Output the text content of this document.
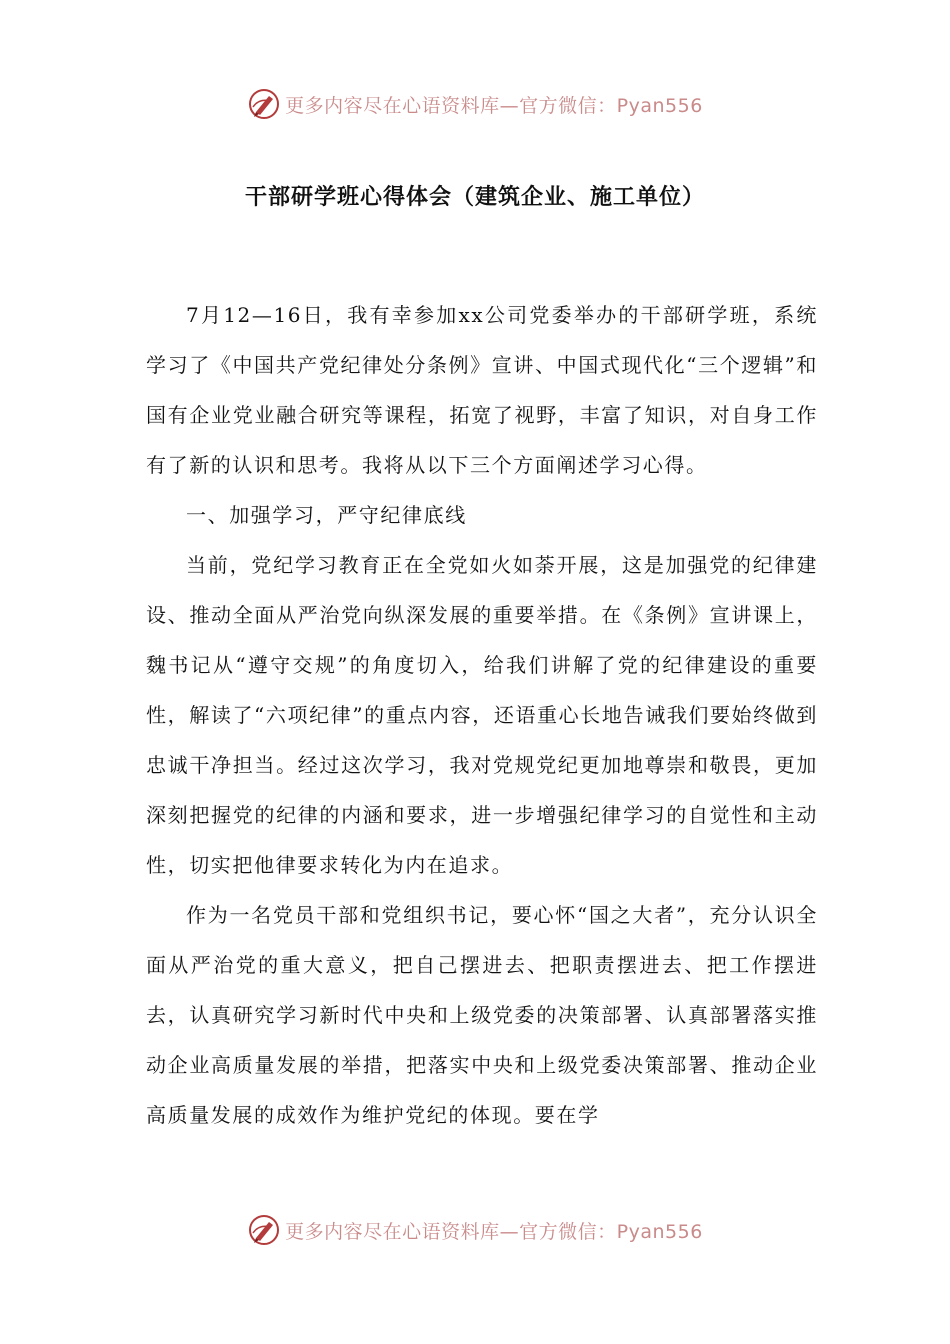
更多内容尽在心语资料库—官方微信：Pyan556
干部研学班心得体会（建筑企业、施工单位）

7月12—16日，我有幸参加xx公司党委举办的干部研学班，系统学习了《中国共产党纪律处分条例》宣讲、中国式现代化“三个逻辑”和国有企业党业融合研究等课程，拓宽了视野，丰富了知识，对自身工作有了新的认识和思考。我将从以下三个方面阐述学习心得。

一、加强学习，严守纪律底线

当前，党纪学习教育正在全党如火如荼开展，这是加强党的纪律建设、推动全面从严治党向纵深发展的重要举措。在《条例》宣讲课上，魏书记从“遵守交规”的角度切入，给我们讲解了党的纪律建设的重要性，解读了“六项纪律”的重点内容，还语重心长地告诫我们要始终做到忠诚干净担当。经过这次学习，我对党规党纪更加地尊崇和敬畏，更加深刻把握党的纪律的内涵和要求，进一步增强纪律学习的自觉性和主动性，切实把他律要求转化为内在追求。

作为一名党员干部和党组织书记，要心怀“国之大者”，充分认识全面从严治党的重大意义，把自己摆进去、把职责摆进去、把工作摆进去，认真研究学习新时代中央和上级党委的决策部署、认真部署落实推动企业高质量发展的举措，把落实中央和上级党委决策部署、推动企业高质量发展的成效作为维护党纪的体现。要在学

更多内容尽在心语资料库—官方微信：Pyan556
